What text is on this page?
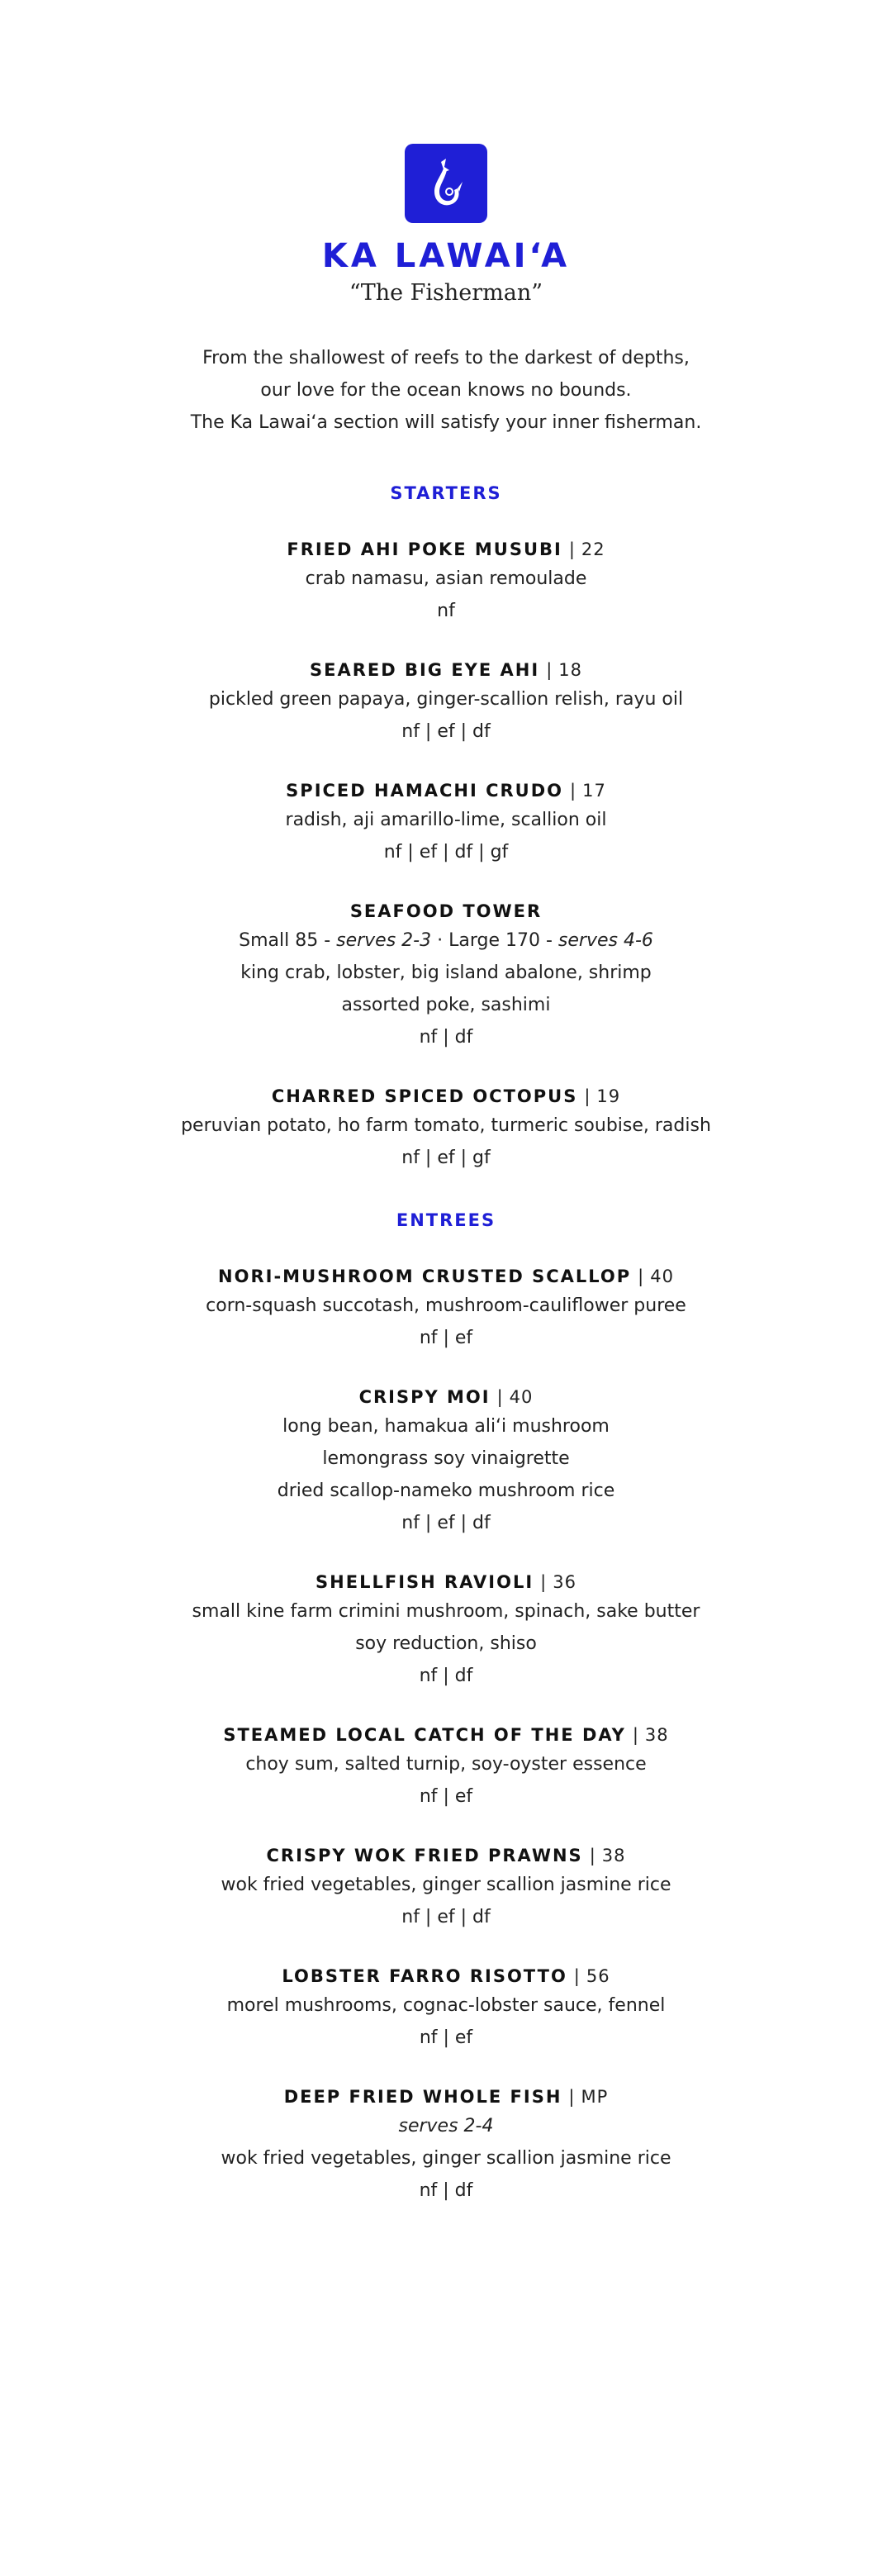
KA LAWAI‘A
“The Fisherman”
From the shallowest of reefs to the darkest of depths,
our love for the ocean knows no bounds.
The Ka Lawai‘a section will satisfy your inner fisherman.
STARTERS
FRIED AHI POKE MUSUBI | 22
crab namasu, asian remoulade
nf
SEARED BIG EYE AHI | 18
pickled green papaya, ginger-scallion relish, rayu oil
nf | ef | df
SPICED HAMACHI CRUDO | 17
radish, aji amarillo-lime, scallion oil
nf | ef | df | gf
SEAFOOD TOWER
Small 85 - serves 2-3 · Large 170 - serves 4-6
king crab, lobster, big island abalone, shrimp
assorted poke, sashimi
nf | df
CHARRED SPICED OCTOPUS | 19
peruvian potato, ho farm tomato, turmeric soubise, radish
nf | ef | gf
ENTREES
NORI-MUSHROOM CRUSTED SCALLOP | 40
corn-squash succotash, mushroom-cauliflower puree
nf | ef
CRISPY MOI | 40
long bean, hamakua ali‘i mushroom
lemongrass soy vinaigrette
dried scallop-nameko mushroom rice
nf | ef | df
SHELLFISH RAVIOLI | 36
small kine farm crimini mushroom, spinach, sake butter
soy reduction, shiso
nf | df
STEAMED LOCAL CATCH OF THE DAY | 38
choy sum, salted turnip, soy-oyster essence
nf | ef
CRISPY WOK FRIED PRAWNS | 38
wok fried vegetables, ginger scallion jasmine rice
nf | ef | df
LOBSTER FARRO RISOTTO | 56
morel mushrooms, cognac-lobster sauce, fennel
nf | ef
DEEP FRIED WHOLE FISH | MP
serves 2-4
wok fried vegetables, ginger scallion jasmine rice
nf | df
